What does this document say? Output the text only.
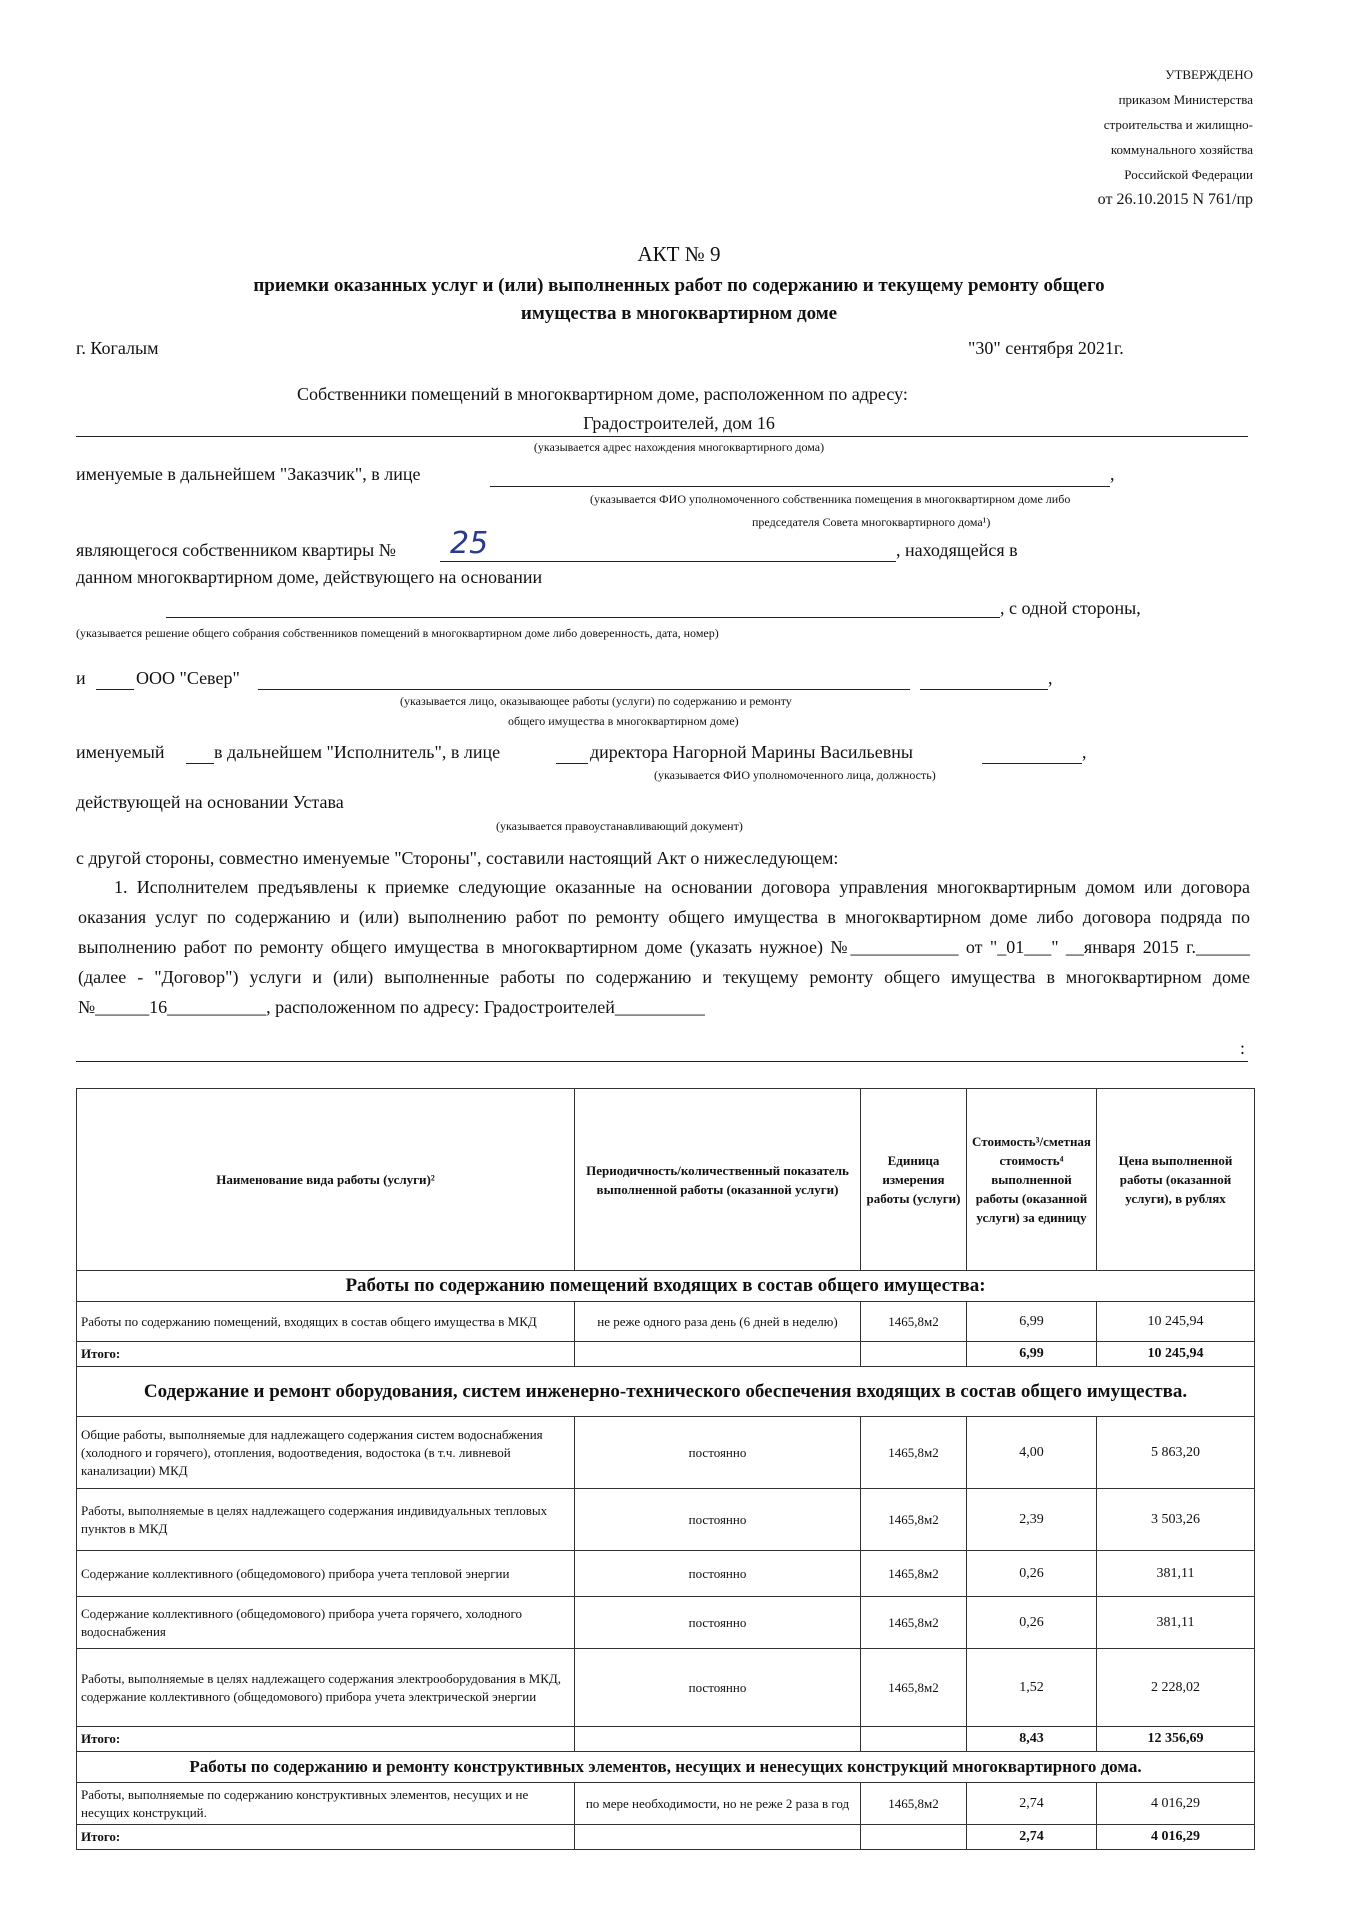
УТВЕРЖДЕНО
приказом Министерства
строительства и жилищно-
коммунального хозяйства
Российской Федерации
от 26.10.2015 N 761/пр
АКТ № 9
приемки оказанных услуг и (или) выполненных работ по содержанию и текущему ремонту общего
имущества в многоквартирном доме
г. Когалым	"30" сентября 2021г.
Собственники помещений в многоквартирном доме, расположенном по адресу:
Градостроителей, дом 16
(указывается адрес нахождения многоквартирного дома)
именуемые в дальнейшем "Заказчик", в лице	,
(указывается ФИО уполномоченного собственника помещения в многоквартирном доме либо
председателя Совета многоквартирного дома¹)
являющегося собственником квартиры № 25	, находящейся в
данном многоквартирном доме, действующего на основании
, с одной стороны,
(указывается решение общего собрания собственников помещений в многоквартирном доме либо доверенность, дата, номер)
и	ООО "Север"	,
(указывается лицо, оказывающее работы (услуги) по содержанию и ремонту
общего имущества в многоквартирном доме)
именуемый	в дальнейшем "Исполнитель", в лице	директора Нагорной Марины Васильевны	,
(указывается ФИО уполномоченного лица, должность)
действующей на основании Устава
(указывается правоустанавливающий документ)
с другой стороны, совместно именуемые "Стороны", составили настоящий Акт о нижеследующем:
1. Исполнителем предъявлены к приемке следующие оказанные на основании договора управления многоквартирным домом или договора оказания услуг по содержанию и (или) выполнению работ по ремонту общего имущества в многоквартирном доме либо договора подряда по выполнению работ по ремонту общего имущества в многоквартирном доме (указать нужное) №____________ от "_01___" __января 2015 г.______ (далее - "Договор") услуги и (или) выполненные работы по содержанию и текущему ремонту общего имущества в многоквартирном доме №______16___________, расположенном по адресу: Градостроителей__________
:
Наименование вида работы (услуги)²	Периодичность/количественный показатель выполненной работы (оказанной услуги)	Единица измерения работы (услуги)	Стоимость³/сметная стоимость⁴ выполненной работы (оказанной услуги) за единицу	Цена выполненной работы (оказанной услуги), в рублях
Работы по содержанию помещений входящих в состав общего имущества:				
Работы по содержанию помещений, входящих в состав общего имущества в МКД	не реже одного раза день (6 дней в неделю)	1465,8м2	6,99	10 245,94
Итого:			6,99	10 245,94
Содержание и ремонт оборудования, систем инженерно-технического обеспечения входящих в состав общего имущества.				
Общие работы, выполняемые для надлежащего содержания систем водоснабжения (холодного и горячего), отопления, водоотведения, водостока (в т.ч. ливневой канализации) МКД	постоянно	1465,8м2	4,00	5 863,20
Работы, выполняемые в целях надлежащего содержания индивидуальных тепловых пунктов в МКД	постоянно	1465,8м2	2,39	3 503,26
Содержание коллективного (общедомового) прибора учета тепловой энергии	постоянно	1465,8м2	0,26	381,11
Содержание коллективного (общедомового) прибора учета горячего, холодного водоснабжения	постоянно	1465,8м2	0,26	381,11
Работы, выполняемые в целях надлежащего содержания электрооборудования в МКД, содержание коллективного (общедомового) прибора учета электрической энергии	постоянно	1465,8м2	1,52	2 228,02
Итого:			8,43	12 356,69
Работы по содержанию и ремонту конструктивных элементов, несущих и ненесущих конструкций многоквартирного дома.				
Работы, выполняемые по содержанию конструктивных элементов, несущих и не несущих конструкций.	по мере необходимости, но не реже 2 раза в год	1465,8м2	2,74	4 016,29
Итого:			2,74	4 016,29
